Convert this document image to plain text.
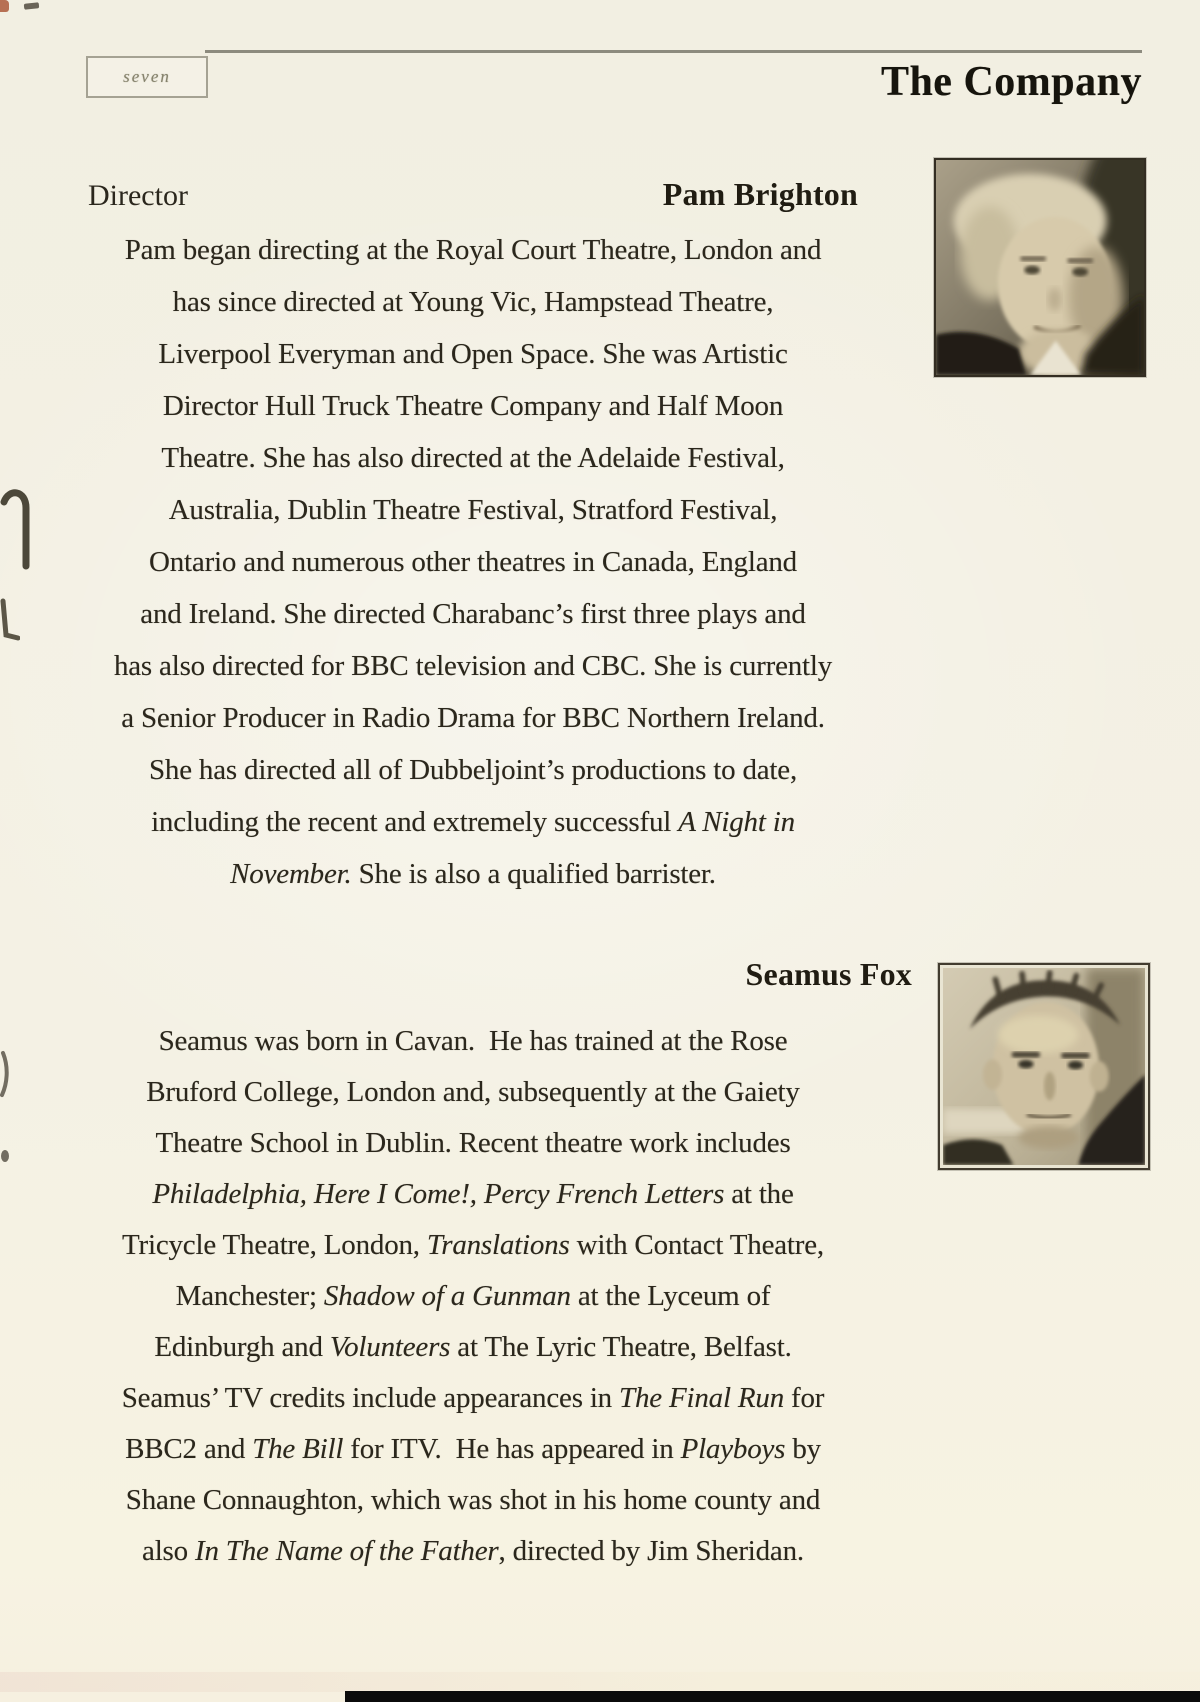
seven	The Company
Director	Pam Brighton
Pam began directing at the Royal Court Theatre, London and
has since directed at Young Vic, Hampstead Theatre,
Liverpool Everyman and Open Space. She was Artistic
Director Hull Truck Theatre Company and Half Moon
Theatre. She has also directed at the Adelaide Festival,
Australia, Dublin Theatre Festival, Stratford Festival,
Ontario and numerous other theatres in Canada, England
and Ireland. She directed Charabanc’s first three plays and
has also directed for BBC television and CBC. She is currently
a Senior Producer in Radio Drama for BBC Northern Ireland.
She has directed all of Dubbeljoint’s productions to date,
including the recent and extremely successful A Night in
November. She is also a qualified barrister.
Seamus Fox
Seamus was born in Cavan.  He has trained at the Rose
Bruford College, London and, subsequently at the Gaiety
Theatre School in Dublin. Recent theatre work includes
Philadelphia, Here I Come!, Percy French Letters at the
Tricycle Theatre, London, Translations with Contact Theatre,
Manchester; Shadow of a Gunman at the Lyceum of
Edinburgh and Volunteers at The Lyric Theatre, Belfast.
Seamus’ TV credits include appearances in The Final Run for
BBC2 and The Bill for ITV.  He has appeared in Playboys by
Shane Connaughton, which was shot in his home county and
also In The Name of the Father, directed by Jim Sheridan.
